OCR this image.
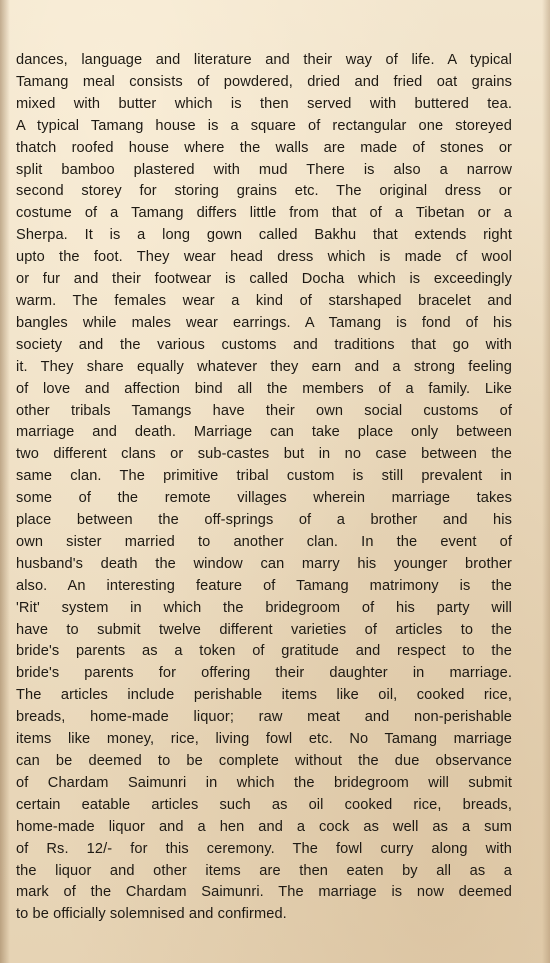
dances, language and literature and their way of life. A typical
Tamang meal consists of powdered, dried and fried oat grains
mixed with butter which is then served with buttered tea.
A typical Tamang house is a square of rectangular one storeyed
thatch roofed house where the walls are made of stones or
split bamboo plastered with mud There is also a narrow
second storey for storing grains etc. The original dress or
costume of a Tamang differs little from that of a Tibetan or a
Sherpa. It is a long gown called Bakhu that extends right
upto the foot. They wear head dress which is made cf wool
or fur and their footwear is called Docha which is exceedingly
warm. The females wear a kind of starshaped bracelet and
bangles while males wear earrings. A Tamang is fond of his
society and the various customs and traditions that go with
it. They share equally whatever they earn and a strong feeling
of love and affection bind all the members of a family. Like
other tribals Tamangs have their own social customs of
marriage and death. Marriage can take place only between
two different clans or sub-castes but in no case between the
same clan. The primitive tribal custom is still prevalent in
some of the remote villages wherein marriage takes
place between the off-springs of a brother and his
own sister married to another clan. In the event of
husband's death the window can marry his younger brother
also. An interesting feature of Tamang matrimony is the
'Rit' system in which the bridegroom of his party will
have to submit twelve different varieties of articles to the
bride's parents as a token of gratitude and respect to the
bride's parents for offering their daughter in marriage.
The articles include perishable items like oil, cooked rice,
breads, home-made liquor; raw meat and non-perishable
items like money, rice, living fowl etc. No Tamang marriage
can be deemed to be complete without the due observance
of Chardam Saimunri in which the bridegroom will submit
certain eatable articles such as oil cooked rice, breads,
home-made liquor and a hen and a cock as well as a sum
of Rs. 12/- for this ceremony. The fowl curry along with
the liquor and other items are then eaten by all as a
mark of the Chardam Saimunri. The marriage is now deemed
to be officially solemnised and confirmed.
